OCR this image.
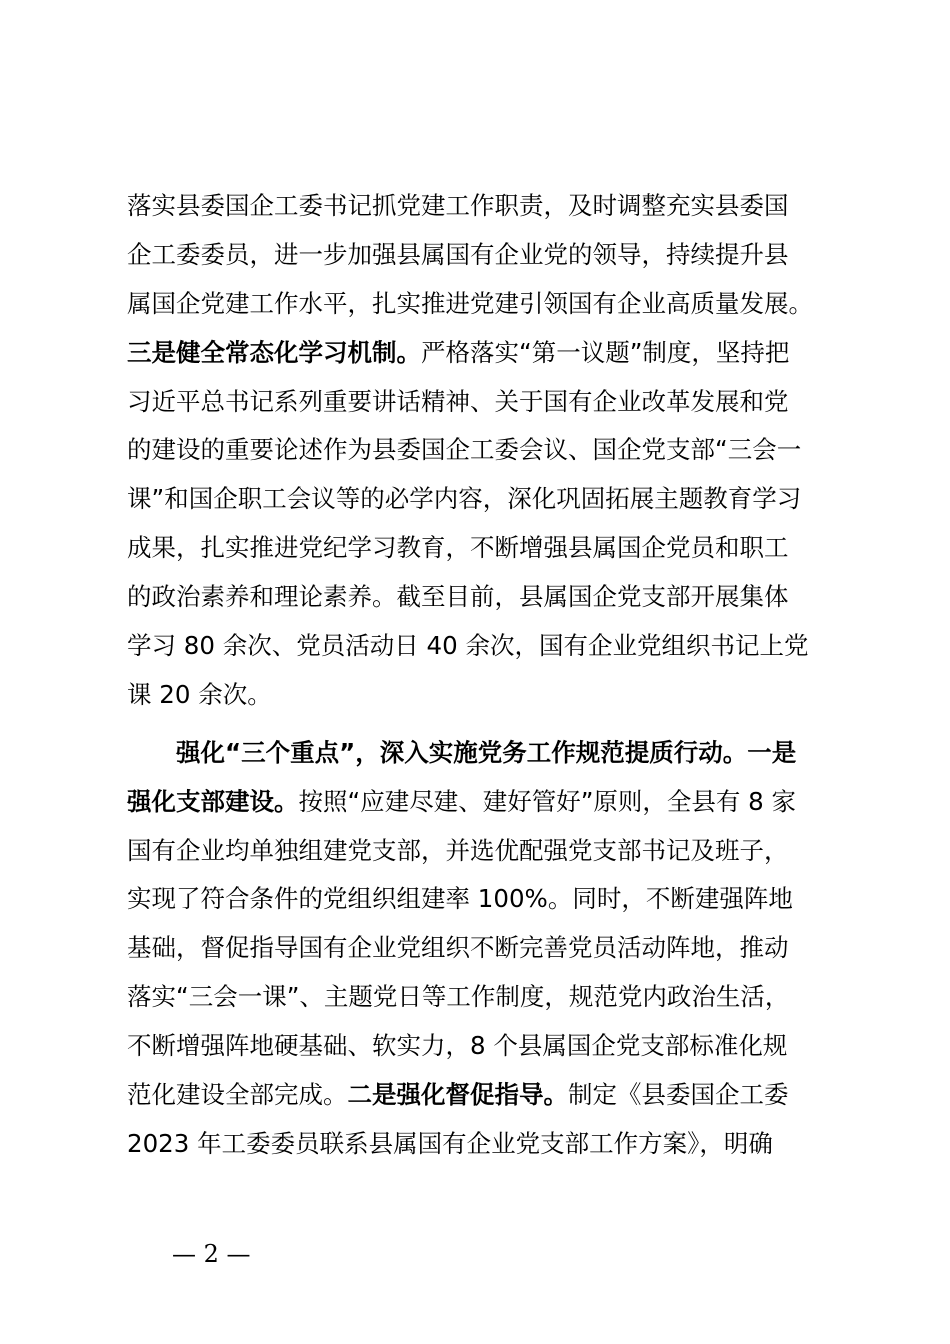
落实县委国企工委书记抓党建工作职责，及时调整充实县委国
企工委委员，进一步加强县属国有企业党的领导，持续提升县
属国企党建工作水平，扎实推进党建引领国有企业高质量发展。
三是健全常态化学习机制。严格落实“第一议题”制度，坚持把
习近平总书记系列重要讲话精神、关于国有企业改革发展和党
的建设的重要论述作为县委国企工委会议、国企党支部“三会一
课”和国企职工会议等的必学内容，深化巩固拓展主题教育学习
成果，扎实推进党纪学习教育，不断增强县属国企党员和职工
的政治素养和理论素养。截至目前，县属国企党支部开展集体
学习 80 余次、党员活动日 40 余次，国有企业党组织书记上党
课 20 余次。
强化“三个重点”，深入实施党务工作规范提质行动。一是
强化支部建设。按照“应建尽建、建好管好”原则，全县有 8 家
国有企业均单独组建党支部，并选优配强党支部书记及班子，
实现了符合条件的党组织组建率 100%。同时，不断建强阵地
基础，督促指导国有企业党组织不断完善党员活动阵地，推动
落实“三会一课”、主题党日等工作制度，规范党内政治生活，
不断增强阵地硬基础、软实力，8 个县属国企党支部标准化规
范化建设全部完成。二是强化督促指导。制定《县委国企工委
2023 年工委委员联系县属国有企业党支部工作方案》，明确
— 2 —
